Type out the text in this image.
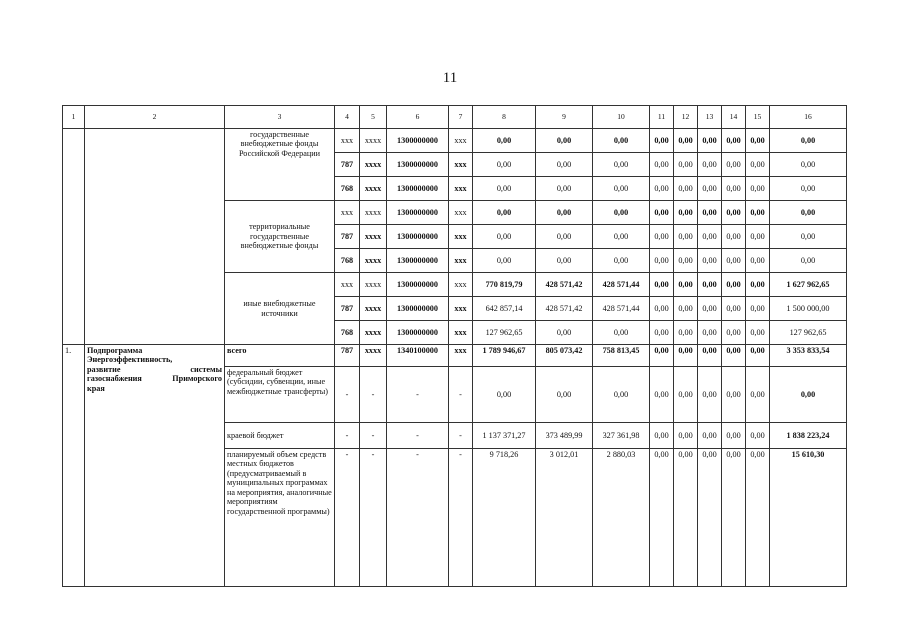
11
1	2	3	4	5	6	7	8	9	10	11	12	13	14	15	16
		государственные внебюджетные фонды Российской Федерации	ххх	хххх	1300000000	ххх	0,00	0,00	0,00	0,00	0,00	0,00	0,00	0,00	0,00
			787	хххх	1300000000	ххх	0,00	0,00	0,00	0,00	0,00	0,00	0,00	0,00	0,00
			768	хххх	1300000000	ххх	0,00	0,00	0,00	0,00	0,00	0,00	0,00	0,00	0,00
		территориальные государственные внебюджетные фонды	ххх	хххх	1300000000	ххх	0,00	0,00	0,00	0,00	0,00	0,00	0,00	0,00	0,00
			787	хххх	1300000000	ххх	0,00	0,00	0,00	0,00	0,00	0,00	0,00	0,00	0,00
			768	хххх	1300000000	ххх	0,00	0,00	0,00	0,00	0,00	0,00	0,00	0,00	0,00
		иные внебюджетные источники	ххх	хххх	1300000000	ххх	770 819,79	428 571,42	428 571,44	0,00	0,00	0,00	0,00	0,00	1 627 962,65
			787	хххх	1300000000	ххх	642 857,14	428 571,42	428 571,44	0,00	0,00	0,00	0,00	0,00	1 500 000,00
			768	хххх	1300000000	ххх	127 962,65	0,00	0,00	0,00	0,00	0,00	0,00	0,00	127 962,65
1.	Подпрограмма
Энергоэффективность,
развитие системы
газоснабжения Приморского
края	всего	787	хххх	1340100000	ххх	1 789 946,67	805 073,42	758 813,45	0,00	0,00	0,00	0,00	0,00	3 353 833,54
		федеральный бюджет (субсидии, субвенции, иные межбюджетные трансферты)	-	-	-	-	0,00	0,00	0,00	0,00	0,00	0,00	0,00	0,00	0,00
		краевой бюджет	-	-	-	-	1 137 371,27	373 489,99	327 361,98	0,00	0,00	0,00	0,00	0,00	1 838 223,24
		планируемый объем средств местных бюджетов (предусматриваемый в муниципальных программах на мероприятия, аналогичные мероприятиям государственной программы)	-	-	-	-	9 718,26	3 012,01	2 880,03	0,00	0,00	0,00	0,00	0,00	15 610,30
